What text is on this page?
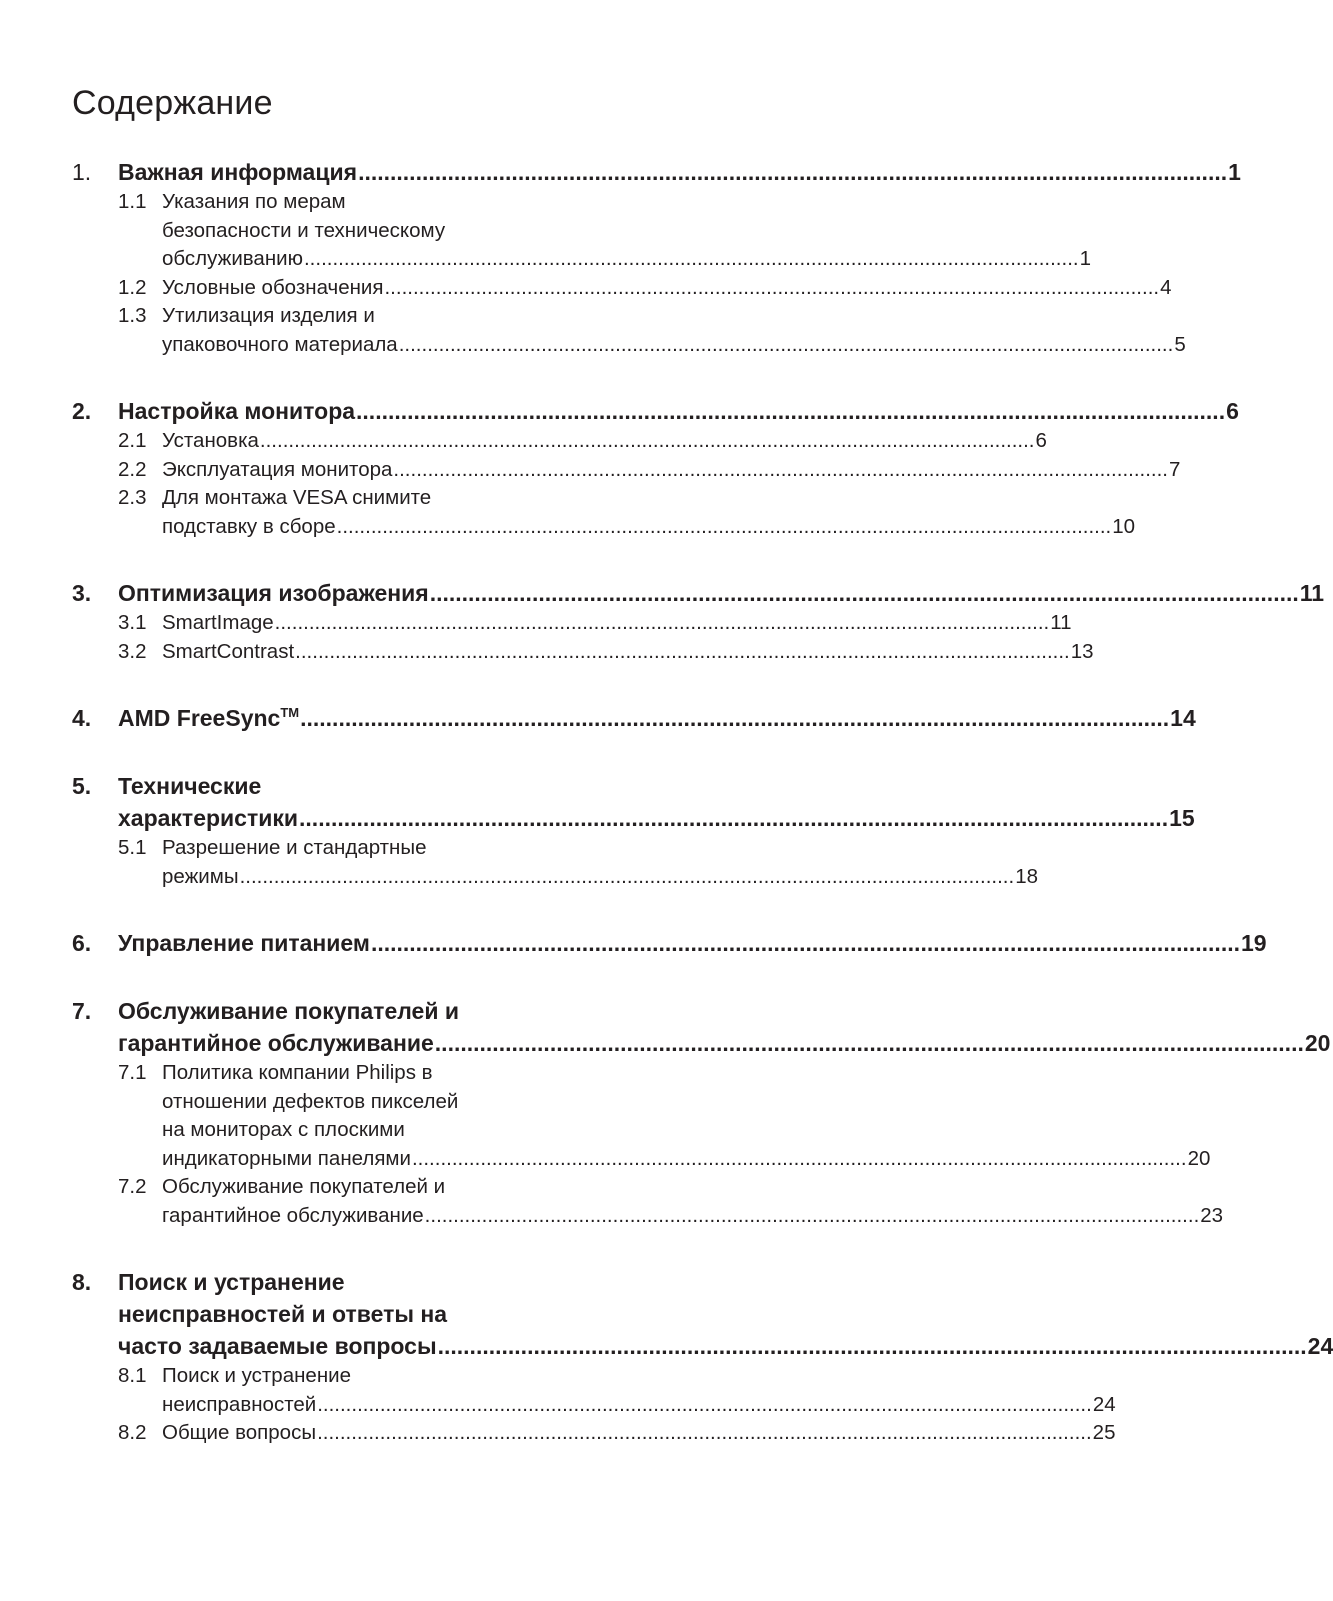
Содержание
1.	Важная информация .....	1
1.1 Указания по мерам
безопасности и техническому
обслуживанию .....	1
1.2 Условные обозначения .....	4
1.3 Утилизация изделия и
упаковочного материала .....	5
2.	Настройка монитора .....	6
2.1 Установка .....	6
2.2 Эксплуатация монитора .....	7
2.3 Для монтажа VESA снимите
подставку в сборе .....	10
3.	Оптимизация изображения .....	11
3.1 SmartImage .....	11
3.2 SmartContrast .....	13
4.	AMD FreeSync™ .....	14
5.	Технические
характеристики .....	15
5.1 Разрешение и стандартные
режимы .....	18
6.	Управление питанием .....	19
7.	Обслуживание покупателей и
гарантийное обслуживание .....	20
7.1 Политика компании Philips в
отношении дефектов пикселей
на мониторах с плоскими
индикаторными панелями .....	20
7.2 Обслуживание покупателей и
гарантийное обслуживание .....	23
8.	Поиск и устранение
неисправностей и ответы на
часто задаваемые вопросы .....	24
8.1 Поиск и устранение
неисправностей .....	24
8.2 Общие вопросы .....	25
